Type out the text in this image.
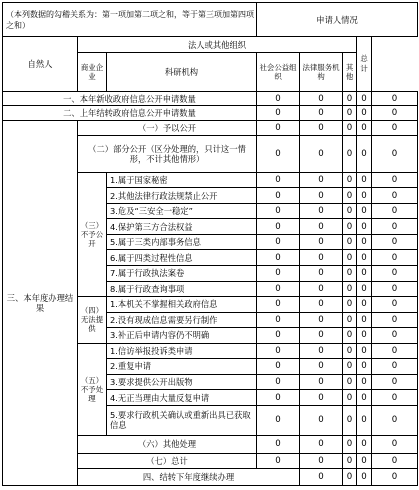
（本列数据的勾稽关系为：第一项加第二项之和，等于第三项加第四项之和）			申请人情况					
自然人	法人或其他组织					总计		

	商业企业	科研机构	社会公益组织	法律服务机构	其他			

一、本年新收政府信息公开申请数量			0	0	0	0	0	
二、上年结转政府信息公开申请数量			0	0	0	0	0	
三、本年度办理结果	（一）予以公开		0	0	0	0	0	
	（二）部分公开（区分处理的，只计这一情形，不计其他情形）		0	0	0	0	0	

	（三）不予公开	1.属于国家秘密	0	0	0	0	0	
		2.其他法律行政法规禁止公开	0	0	0	0	0	
		3.危及“三安全一稳定”	0	0	0	0	0	
		4.保护第三方合法权益	0	0	0	0	0	
		5.属于三类内部事务信息	0	0	0	0	0	
		6.属于四类过程性信息	0	0	0	0	0	
		7.属于行政执法案卷	0	0	0	0	0	
		8.属于行政查询事项	0	0	0	0	0	

	（四）无法提供	1.本机关不掌握相关政府信息	0	0	0	0	0	
		2.没有现成信息需要另行制作	0	0	0	0	0	
		3.补正后申请内容仍不明确	0	0	0	0	0	

	（五）不予处理	1.信访举报投诉类申请	0	0	0	0	0	
		2.重复申请	0	0	0	0	0	
		3.要求提供公开出版物	0	0	0	0	0	
		4.无正当理由大量反复申请	0	0	0	0	0	
		5.要求行政机关确认或重新出具已获取信息	0	0	0	0	0	
	（六）其他处理		0	0	0	0	0	
	（七）总计		0	0	0	0	0	
	四、结转下年度继续办理			0	0	0	0	
